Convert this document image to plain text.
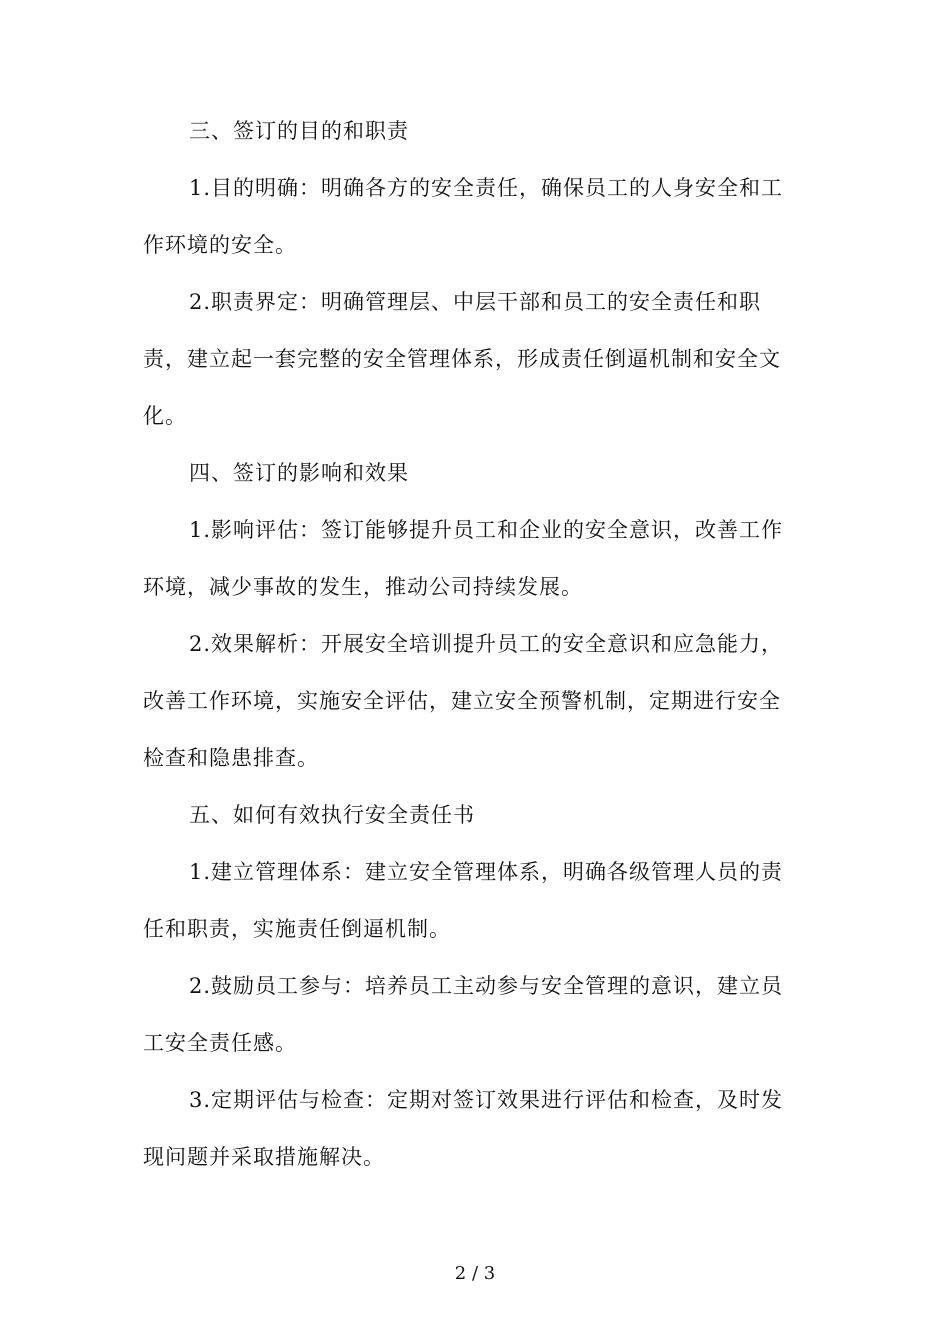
三、签订的目的和职责

1.目的明确：明确各方的安全责任，确保员工的人身安全和工作环境的安全。

2.职责界定：明确管理层、中层干部和员工的安全责任和职责，建立起一套完整的安全管理体系，形成责任倒逼机制和安全文化。

四、签订的影响和效果

1.影响评估：签订能够提升员工和企业的安全意识，改善工作环境，减少事故的发生，推动公司持续发展。

2.效果解析：开展安全培训提升员工的安全意识和应急能力，改善工作环境，实施安全评估，建立安全预警机制，定期进行安全检查和隐患排查。

五、如何有效执行安全责任书

1.建立管理体系：建立安全管理体系，明确各级管理人员的责任和职责，实施责任倒逼机制。

2.鼓励员工参与：培养员工主动参与安全管理的意识，建立员工安全责任感。

3.定期评估与检查：定期对签订效果进行评估和检查，及时发现问题并采取措施解决。

2 / 3
